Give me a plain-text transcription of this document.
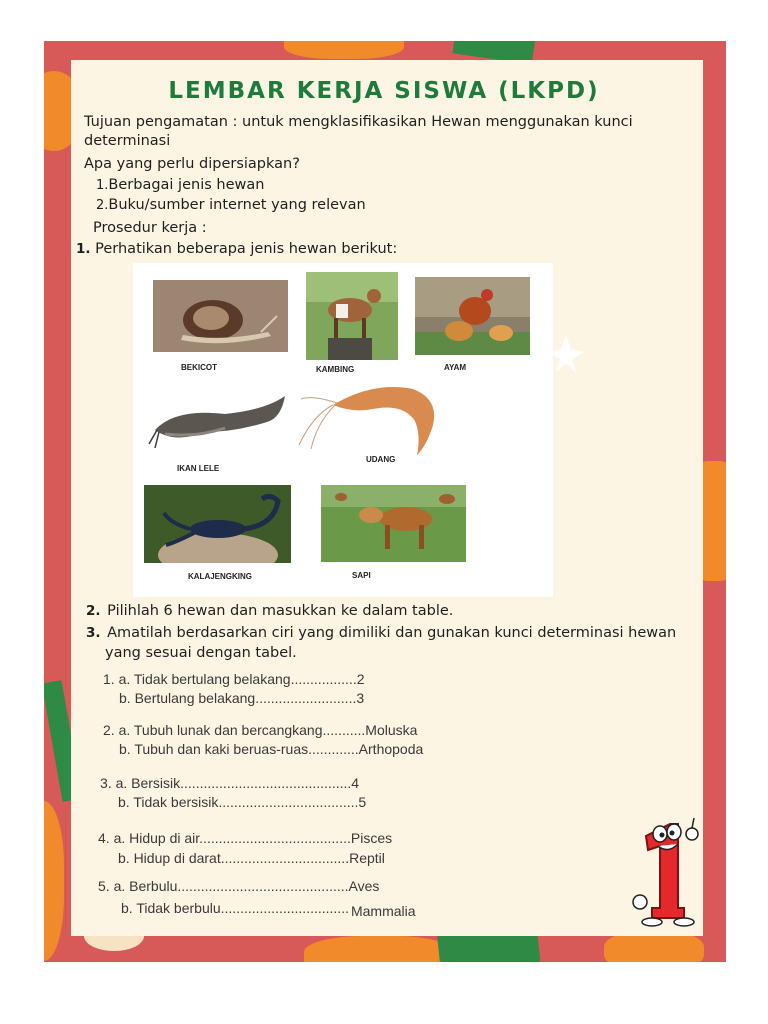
LEMBAR KERJA SISWA (LKPD)
Tujuan pengamatan : untuk mengklasifikasikan Hewan menggunakan kunci
determinasi
Apa yang perlu dipersiapkan?
1.Berbagai jenis hewan
2.Buku/sumber internet yang relevan
Prosedur kerja :
1. Perhatikan beberapa jenis hewan berikut:
BEKICOT	KAMBING	AYAM
IKAN LELE
UDANG
KALAJENGKING	SAPI
2. Pilihlah 6 hewan dan masukkan ke dalam table.
3. Amatilah berdasarkan ciri yang dimiliki dan gunakan kunci determinasi hewan
yang sesuai dengan tabel.
1. a. Tidak bertulang belakang.................2
b. Bertulang belakang..........................3
2. a. Tubuh lunak dan bercangkang...........Moluska
b. Tubuh dan kaki beruas-ruas.............Arthopoda
3. a. Bersisik............................................4
b. Tidak bersisik....................................5
4. a. Hidup di air.......................................Pisces
b. Hidup di darat.................................Reptil
5. a. Berbulu............................................Aves
b. Tidak berbulu................................. Mammalia
